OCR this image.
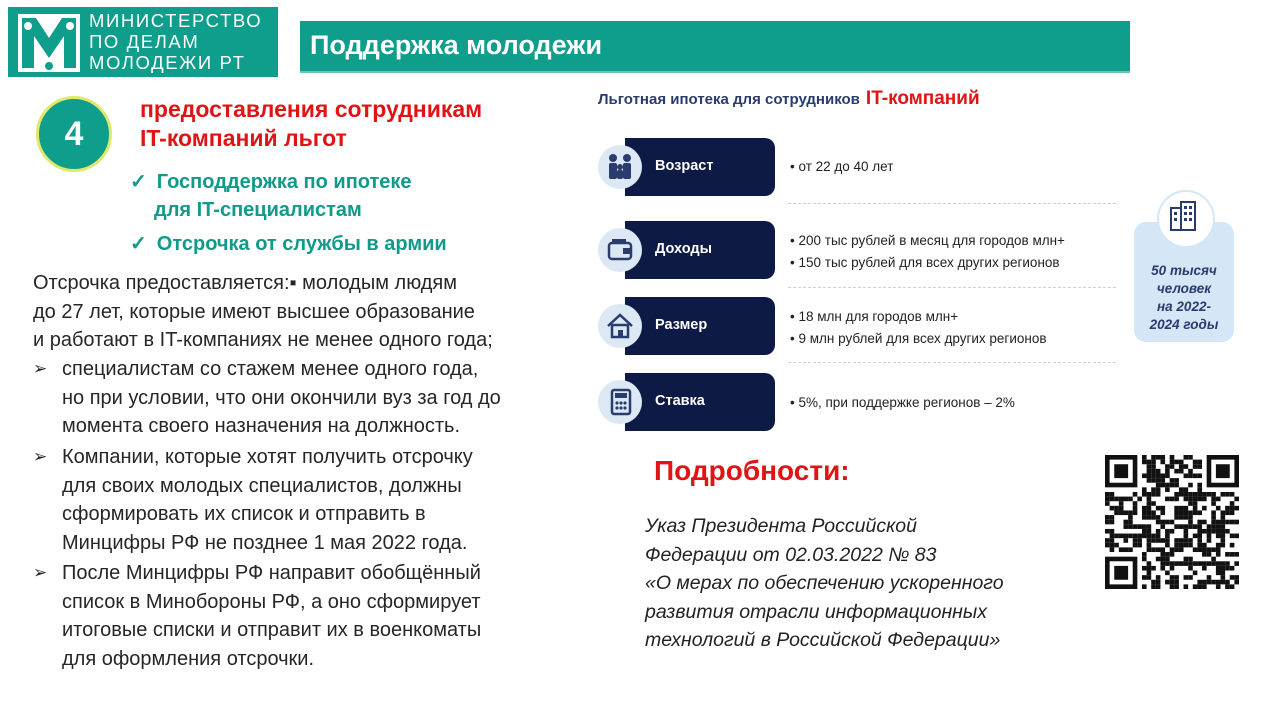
МИНИСТЕРСТВО
ПО ДЕЛАМ
МОЛОДЕЖИ РТ
Поддержка молодежи
4
предоставления сотрудникам
IT-компаний льгот
✓ Господдержка по ипотеке
для IT-специалистам
✓ Отсрочка от службы в армии
Отсрочка предоставляется:▪ молодым людям
до 27 лет, которые имеют высшее образование
и работают в IT-компаниях не менее одного года;
➢ специалистам со стажем менее одного года,
но при условии, что они окончили вуз за год до
момента своего назначения на должность.
➢ Компании, которые хотят получить отсрочку
для своих молодых специалистов, должны
сформировать их список и отправить в
Минцифры РФ не позднее 1 мая 2022 года.
➢ После Минцифры РФ направит обобщённый
список в Минобороны РФ, а оно сформирует
итоговые списки и отправит их в военкоматы
для оформления отсрочки.
Льготная ипотека для сотрудников IT-компаний
Возраст	• от 22 до 40 лет
Доходы
• 200 тыс рублей в месяц для городов млн+
• 150 тыс рублей для всех других регионов
Размер
• 18 млн для городов млн+
• 9 млн рублей для всех других регионов
Ставка	• 5%, при поддержке регионов – 2%
50 тысяч
человек
на 2022-
2024 годы
Подробности:
Указ Президента Российской
Федерации от 02.03.2022 № 83
«О мерах по обеспечению ускоренного
развития отрасли информационных
технологий в Российской Федерации»
